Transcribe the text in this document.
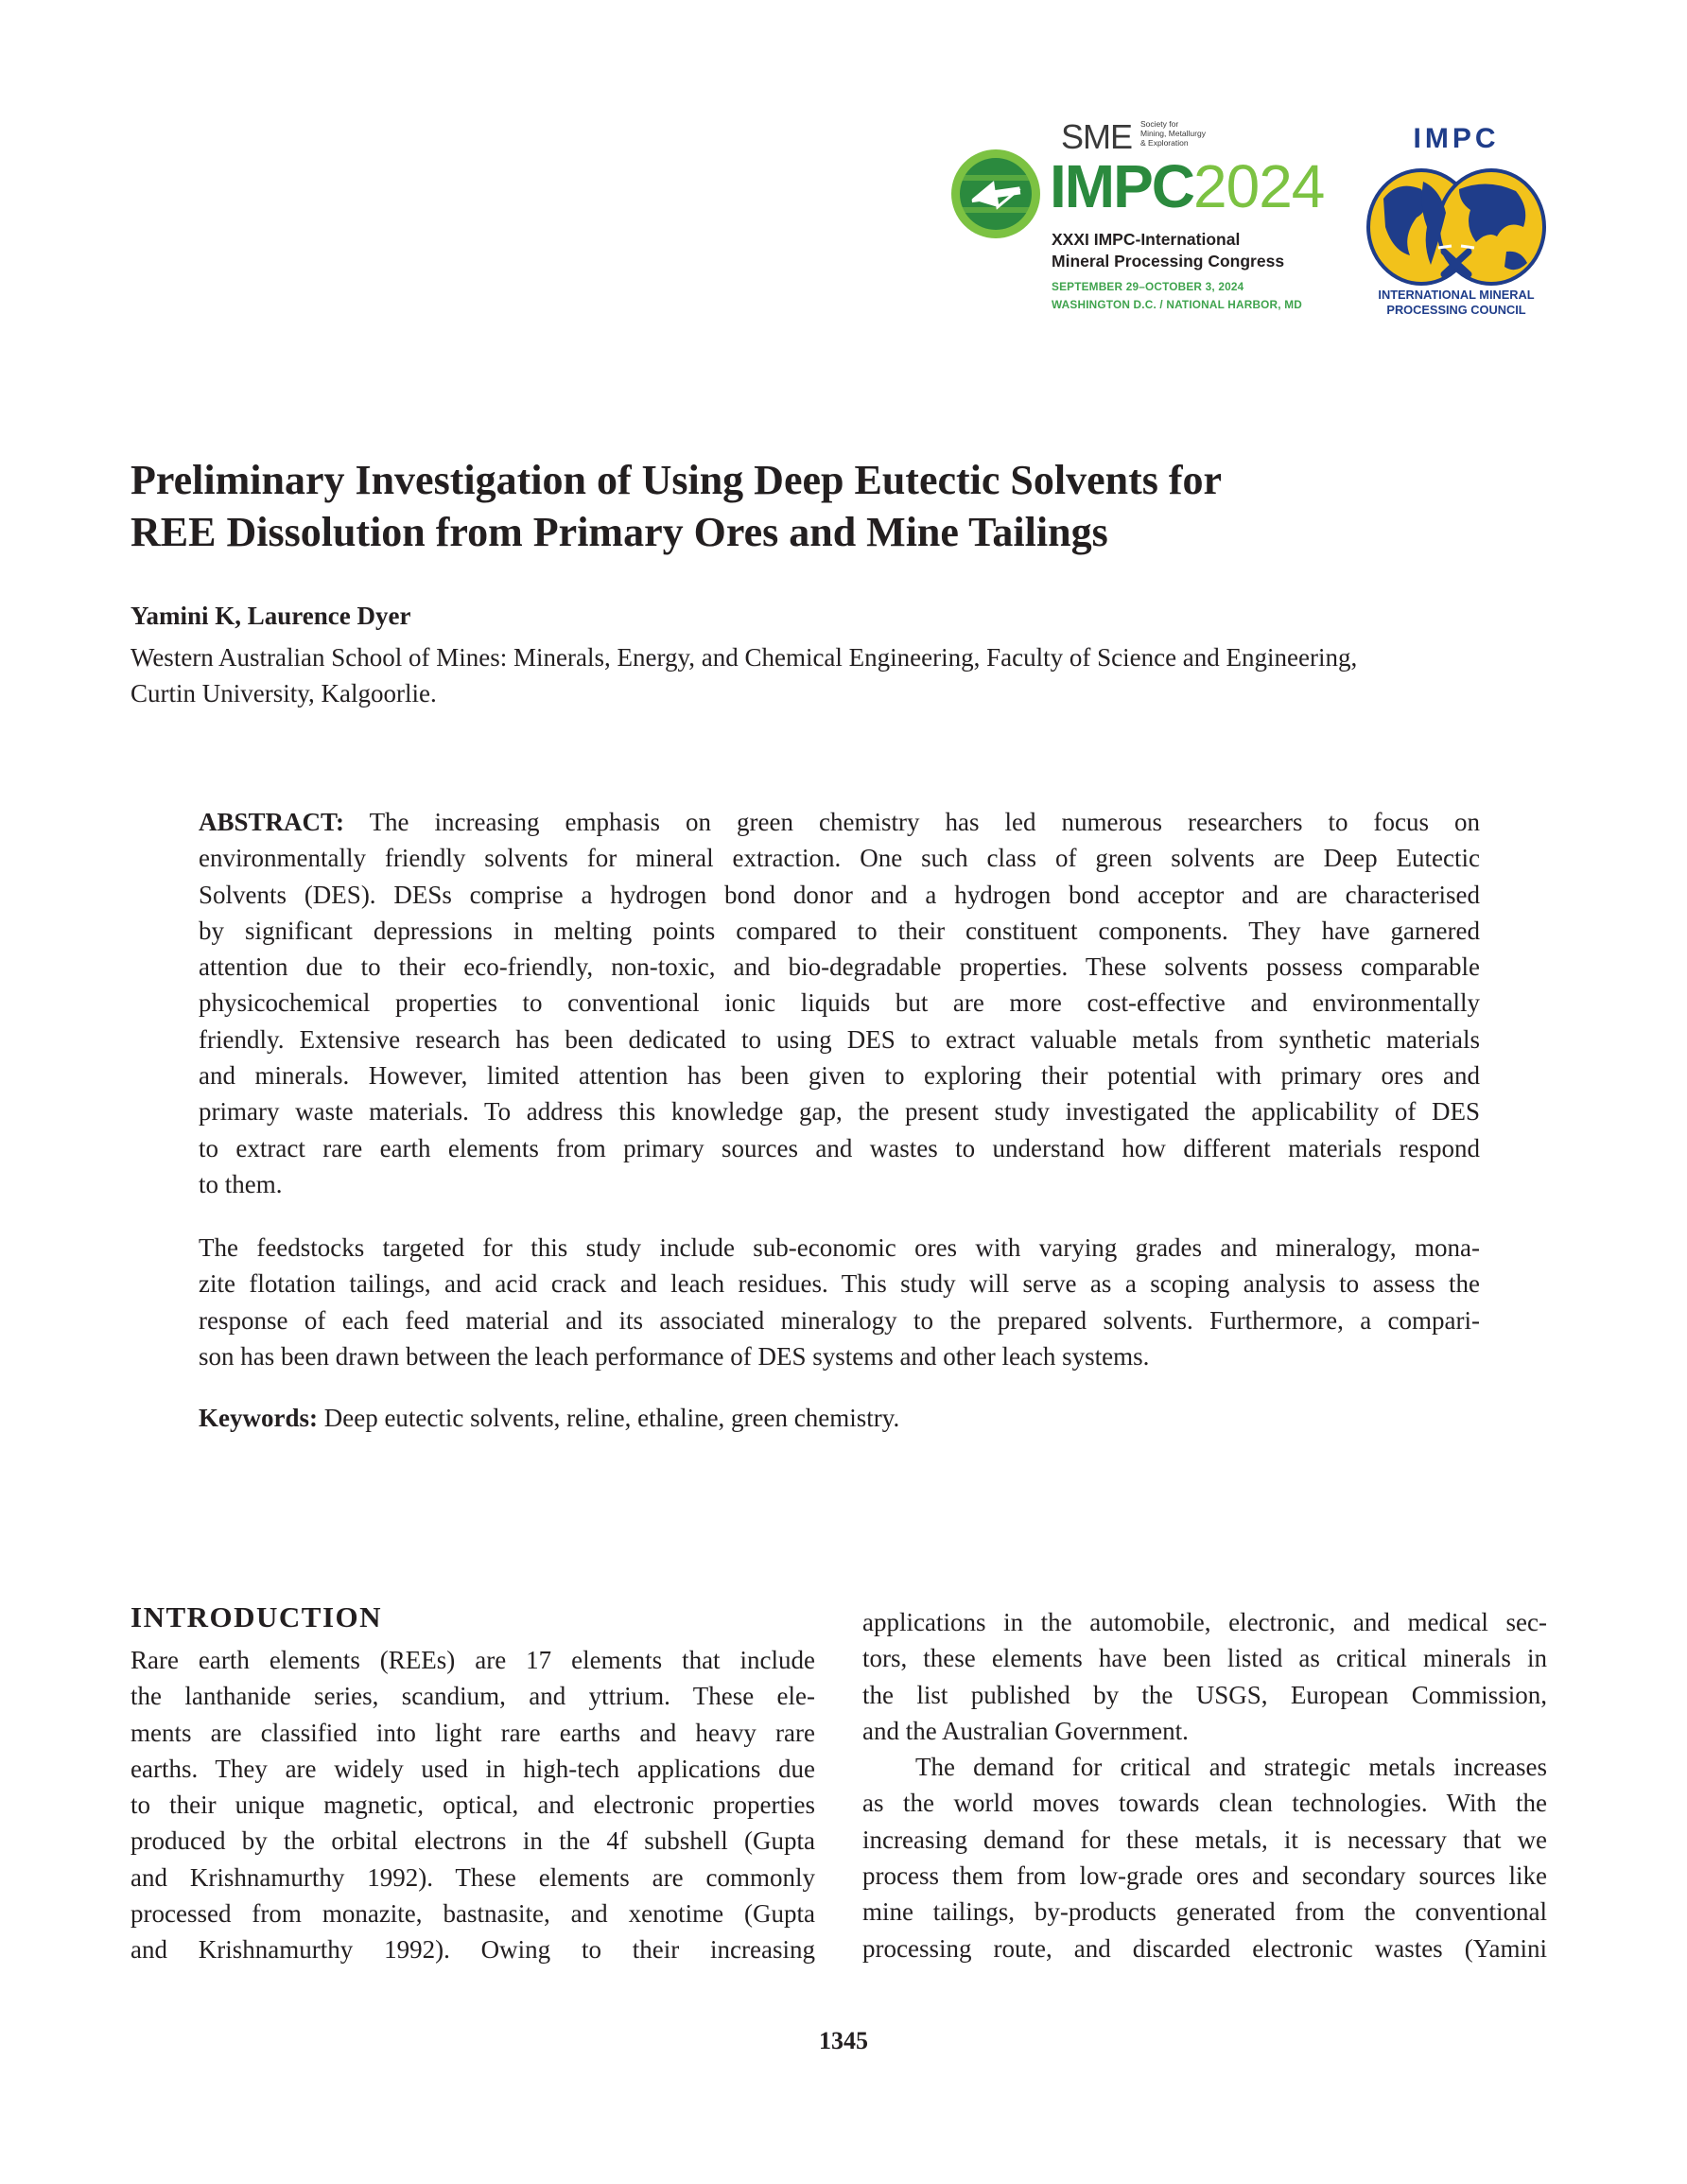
SME Society for
Mining, Metallurgy
& Exploration
IMPC2024
XXXI IMPC-International
Mineral Processing Congress
SEPTEMBER 29–OCTOBER 3, 2024
WASHINGTON D.C. / NATIONAL HARBOR, MD
IMPC
INTERNATIONAL MINERAL
PROCESSING COUNCIL
Preliminary Investigation of Using Deep Eutectic Solvents for
REE Dissolution from Primary Ores and Mine Tailings
Yamini K, Laurence Dyer
Western Australian School of Mines: Minerals, Energy, and Chemical Engineering, Faculty of Science and Engineering,
Curtin University, Kalgoorlie.
ABSTRACT: The increasing emphasis on green chemistry has led numerous researchers to focus on
environmentally friendly solvents for mineral extraction. One such class of green solvents are Deep Eutectic
Solvents (DES). DESs comprise a hydrogen bond donor and a hydrogen bond acceptor and are characterised
by significant depressions in melting points compared to their constituent components. They have garnered
attention due to their eco-friendly, non-toxic, and bio-degradable properties. These solvents possess comparable
physicochemical properties to conventional ionic liquids but are more cost-effective and environmentally
friendly. Extensive research has been dedicated to using DES to extract valuable metals from synthetic materials
and minerals. However, limited attention has been given to exploring their potential with primary ores and
primary waste materials. To address this knowledge gap, the present study investigated the applicability of DES
to extract rare earth elements from primary sources and wastes to understand how different materials respond
to them.
The feedstocks targeted for this study include sub-economic ores with varying grades and mineralogy, mona-
zite flotation tailings, and acid crack and leach residues. This study will serve as a scoping analysis to assess the
response of each feed material and its associated mineralogy to the prepared solvents. Furthermore, a compari-
son has been drawn between the leach performance of DES systems and other leach systems.
Keywords: Deep eutectic solvents, reline, ethaline, green chemistry.
INTRODUCTION
Rare earth elements (REEs) are 17 elements that include
the lanthanide series, scandium, and yttrium. These ele-
ments are classified into light rare earths and heavy rare
earths. They are widely used in high-tech applications due
to their unique magnetic, optical, and electronic properties
produced by the orbital electrons in the 4f subshell (Gupta
and Krishnamurthy 1992). These elements are commonly
processed from monazite, bastnasite, and xenotime (Gupta
and Krishnamurthy 1992). Owing to their increasing
applications in the automobile, electronic, and medical sec-
tors, these elements have been listed as critical minerals in
the list published by the USGS, European Commission,
and the Australian Government.
The demand for critical and strategic metals increases
as the world moves towards clean technologies. With the
increasing demand for these metals, it is necessary that we
process them from low-grade ores and secondary sources like
mine tailings, by-products generated from the conventional
processing route, and discarded electronic wastes (Yamini
1345
